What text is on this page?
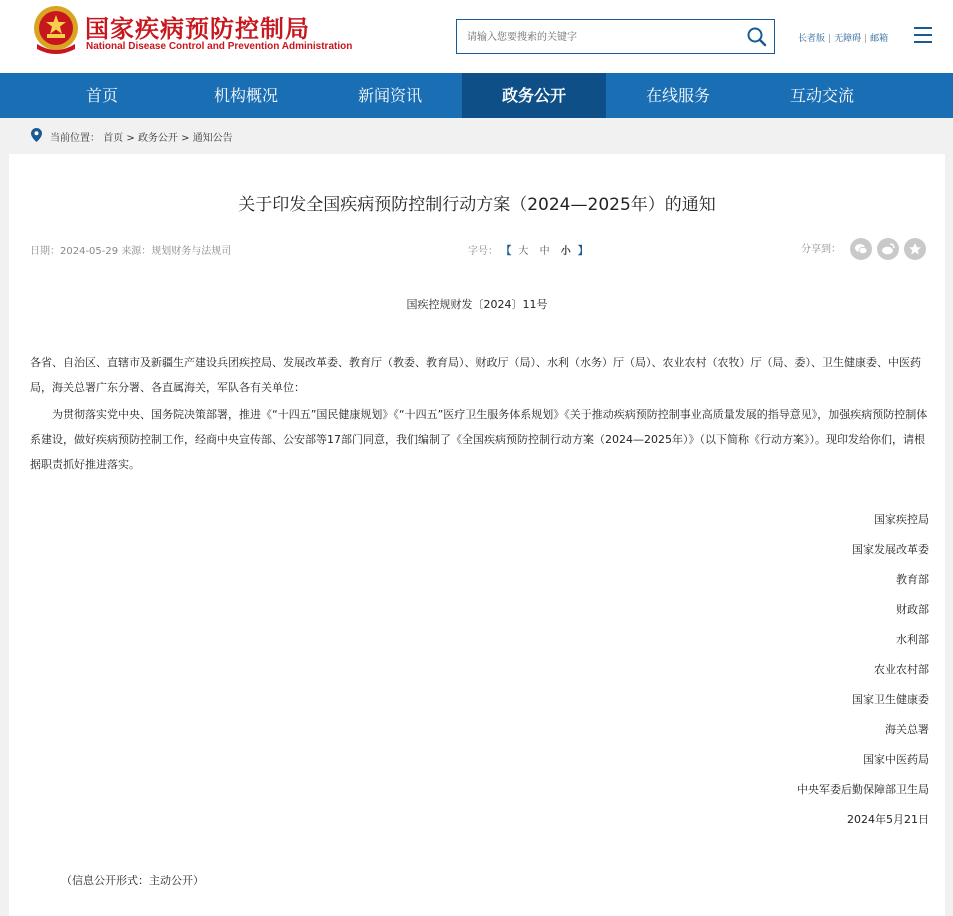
国家疾病预防控制局
National Disease Control and Prevention Administration
请输入您要搜索的关键字
长者版 | 无障碍 | 邮箱
首页	机构概况	新闻资讯	政务公开	在线服务	互动交流
当前位置： 首页 > 政务公开 > 通知公告
关于印发全国疾病预防控制行动方案（2024—2025年）的通知
日期：2024-05-29 来源：规划财务与法规司	字号： 【 大 中 小 】	分享到：
国疾控规财发〔2024〕11号
各省、自治区、直辖市及新疆生产建设兵团疾控局、发展改革委、教育厅（教委、教育局）、财政厅（局）、水利（水务）厅（局）、农业农村（农牧）厅（局、委）、卫生健康委、中医药局，海关总署广东分署、各直属海关，军队各有关单位：
为贯彻落实党中央、国务院决策部署，推进《“十四五”国民健康规划》《“十四五”医疗卫生服务体系规划》《关于推动疾病预防控制事业高质量发展的指导意见》，加强疾病预防控制体系建设，做好疾病预防控制工作，经商中央宣传部、公安部等17部门同意，我们编制了《全国疾病预防控制行动方案（2024—2025年）》（以下简称《行动方案》）。现印发给你们，请根据职责抓好推进落实。
国家疾控局
国家发展改革委
教育部
财政部
水利部
农业农村部
国家卫生健康委
海关总署
国家中医药局
中央军委后勤保障部卫生局
2024年5月21日
（信息公开形式：主动公开）
